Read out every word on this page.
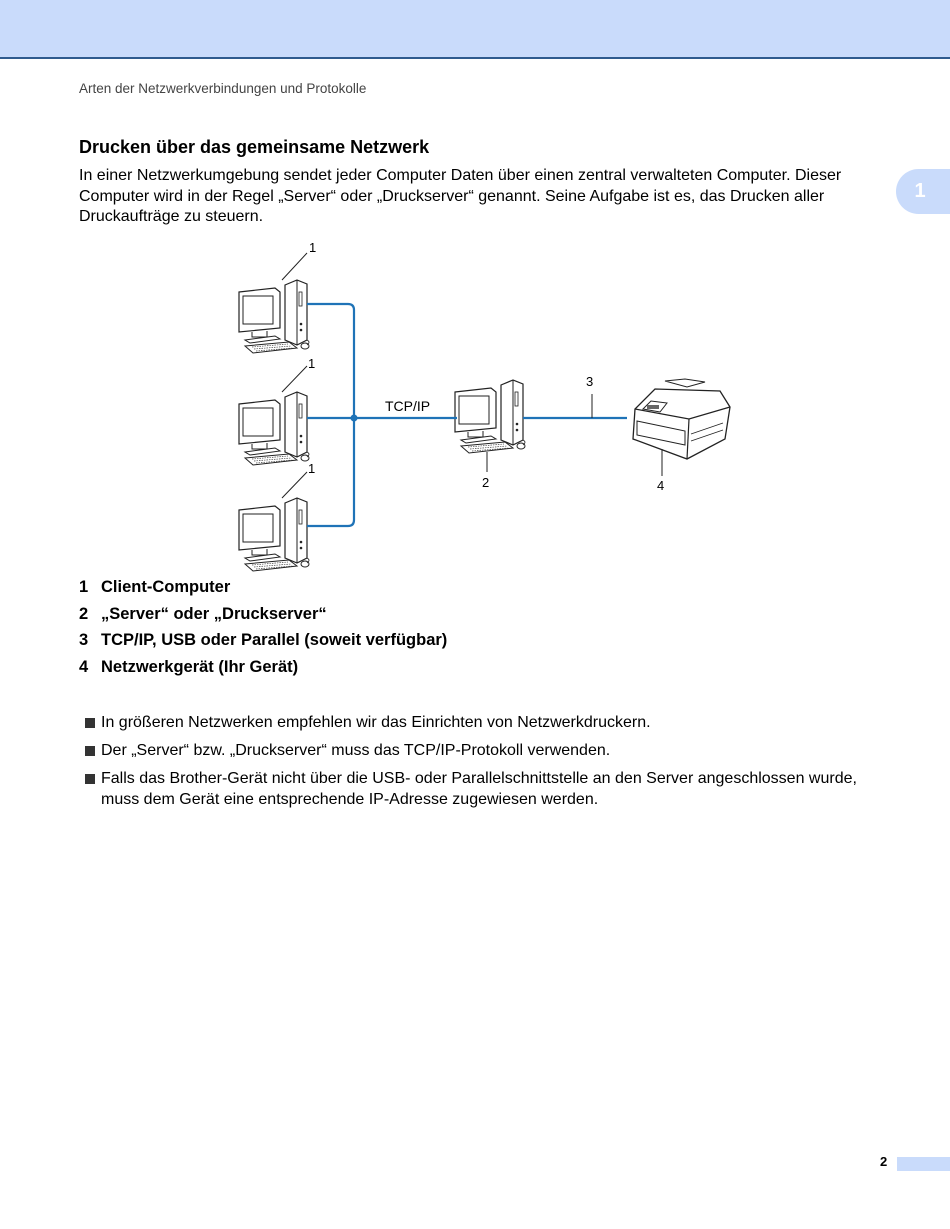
Arten der Netzwerkverbindungen und Protokolle
1
Drucken über das gemeinsame Netzwerk
In einer Netzwerkumgebung sendet jeder Computer Daten über einen zentral verwalteten Computer. Dieser Computer wird in der Regel „Server“ oder „Druckserver“ genannt. Seine Aufgabe ist es, das Drucken aller Druckaufträge zu steuern.
1
1
1
2
3
4
TCP/IP
1 Client-Computer
2 „Server“ oder „Druckserver“
3 TCP/IP, USB oder Parallel (soweit verfügbar)
4 Netzwerkgerät (Ihr Gerät)
In größeren Netzwerken empfehlen wir das Einrichten von Netzwerkdruckern.
Der „Server“ bzw. „Druckserver“ muss das TCP/IP-Protokoll verwenden.
Falls das Brother-Gerät nicht über die USB- oder Parallelschnittstelle an den Server angeschlossen wurde, muss dem Gerät eine entsprechende IP-Adresse zugewiesen werden.
2
